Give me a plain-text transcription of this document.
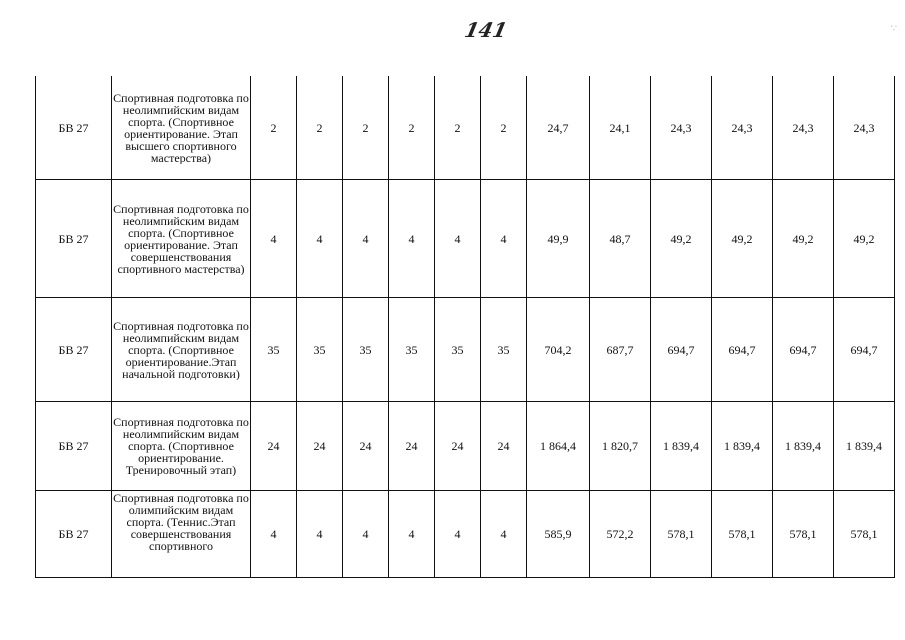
141	∴
БВ 27	Спортивная подготовка по неолимпийским видам спорта. (Спортивное ориентирование. Этап высшего спортивного мастерства)	2	2	2	2	2	2	24,7	24,1	24,3	24,3	24,3	24,3
БВ 27	Спортивная подготовка по неолимпийским видам спорта. (Спортивное ориентирование. Этап совершенствования спортивного мастерства)	4	4	4	4	4	4	49,9	48,7	49,2	49,2	49,2	49,2
БВ 27	Спортивная подготовка по неолимпийским видам спорта. (Спортивное ориентирование.Этап начальной подготовки)	35	35	35	35	35	35	704,2	687,7	694,7	694,7	694,7	694,7
БВ 27	Спортивная подготовка по неолимпийским видам спорта. (Спортивное ориентирование. Тренировочный этап)	24	24	24	24	24	24	1 864,4	1 820,7	1 839,4	1 839,4	1 839,4	1 839,4
БВ 27	Спортивная подготовка по олимпийским видам спорта. (Теннис.Этап совершенствования спортивного	4	4	4	4	4	4	585,9	572,2	578,1	578,1	578,1	578,1
